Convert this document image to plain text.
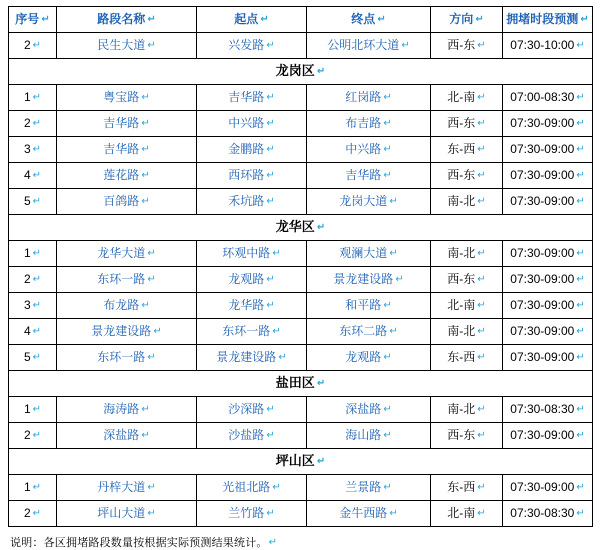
序号 ↵	路段名称 ↵	起点 ↵	终点 ↵	方向 ↵	拥堵时段预测 ↵
2 ↵	民生大道 ↵	兴发路 ↵	公明北环大道 ↵	西-东 ↵	07:30-10:00 ↵
龙岗区 ↵					
1 ↵	粤宝路 ↵	吉华路 ↵	红岗路 ↵	北-南 ↵	07:00-08:30 ↵
2 ↵	吉华路 ↵	中兴路 ↵	布吉路 ↵	西-东 ↵	07:30-09:00 ↵
3 ↵	吉华路 ↵	金鹏路 ↵	中兴路 ↵	东-西 ↵	07:30-09:00 ↵
4 ↵	莲花路 ↵	西环路 ↵	吉华路 ↵	西-东 ↵	07:30-09:00 ↵
5 ↵	百鸽路 ↵	禾坑路 ↵	龙岗大道 ↵	南-北 ↵	07:30-09:00 ↵
龙华区 ↵					
1 ↵	龙华大道 ↵	环观中路 ↵	观澜大道 ↵	南-北 ↵	07:30-09:00 ↵
2 ↵	东环一路 ↵	龙观路 ↵	景龙建设路 ↵	西-东 ↵	07:30-09:00 ↵
3 ↵	布龙路 ↵	龙华路 ↵	和平路 ↵	北-南 ↵	07:30-09:00 ↵
4 ↵	景龙建设路 ↵	东环一路 ↵	东环二路 ↵	南-北 ↵	07:30-09:00 ↵
5 ↵	东环一路 ↵	景龙建设路 ↵	龙观路 ↵	东-西 ↵	07:30-09:00 ↵
盐田区 ↵					
1 ↵	海涛路 ↵	沙深路 ↵	深盐路 ↵	南-北 ↵	07:30-08:30 ↵
2 ↵	深盐路 ↵	沙盐路 ↵	海山路 ↵	西-东 ↵	07:30-09:00 ↵
坪山区 ↵					
1 ↵	丹梓大道 ↵	光祖北路 ↵	兰景路 ↵	东-西 ↵	07:30-09:00 ↵
2 ↵	坪山大道 ↵	兰竹路 ↵	金牛西路 ↵	北-南 ↵	07:30-08:30 ↵
说明：各区拥堵路段数量按根据实际预测结果统计。↵
